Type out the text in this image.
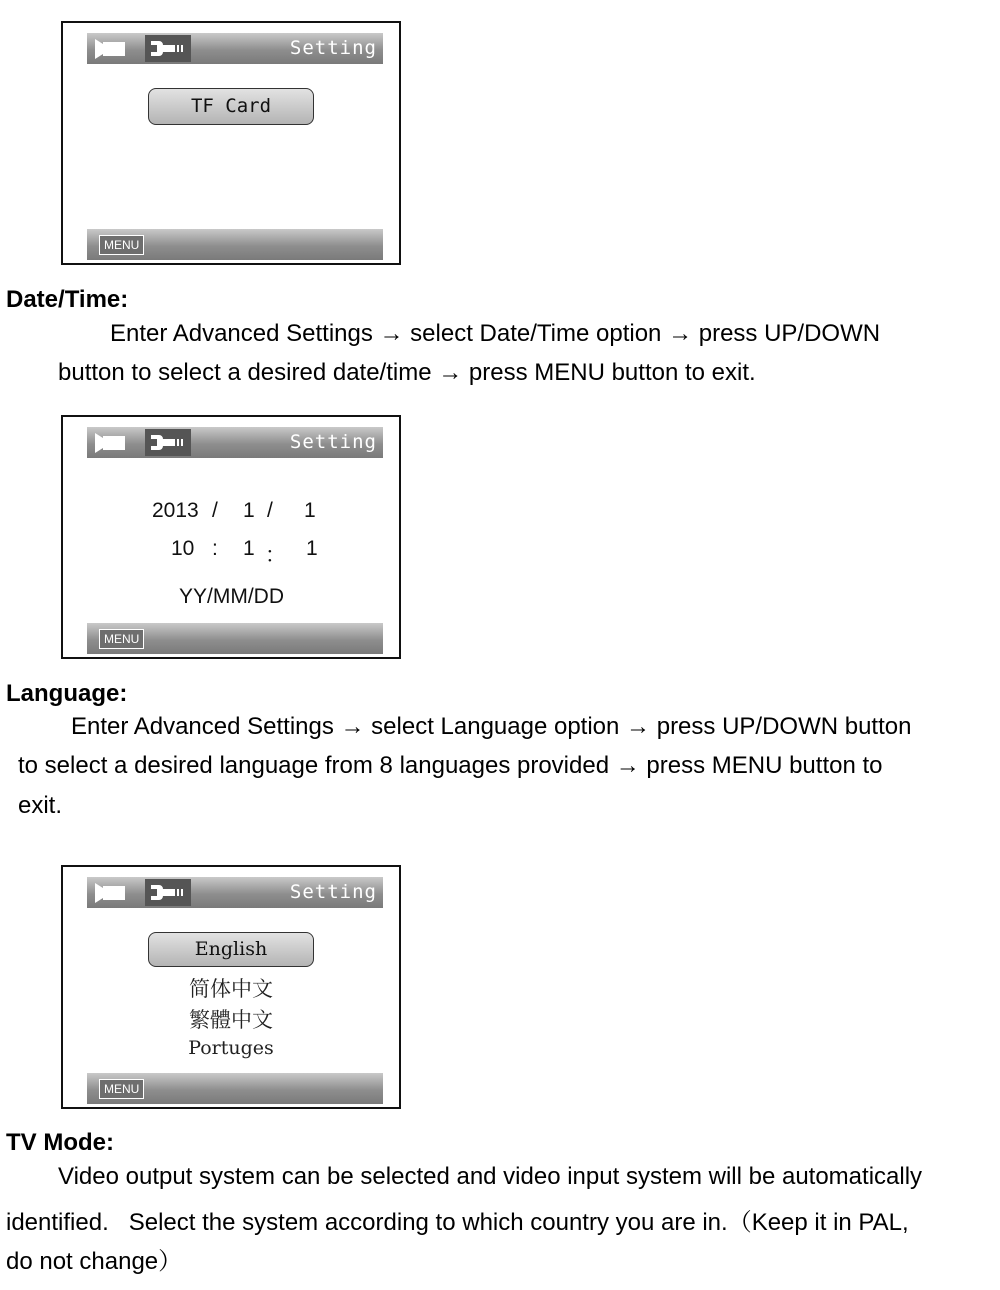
Setting
TF Card
MENU
Date/Time:
Enter Advanced Settings → select Date/Time option → press UP/DOWN
button to select a desired date/time → press MENU button to exit.
Setting
2013 / 1 / 1
10 : 1 ： 1
YY/MM/DD
MENU
Language:
Enter Advanced Settings → select Language option → press UP/DOWN button
to select a desired language from 8 languages provided → press MENU button to
exit.
Setting
English
简体中文
繁體中文
Portuges
MENU
TV Mode:
Video output system can be selected and video input system will be automatically
identified.   Select the system according to which country you are in.（Keep it in PAL,
do not change）
